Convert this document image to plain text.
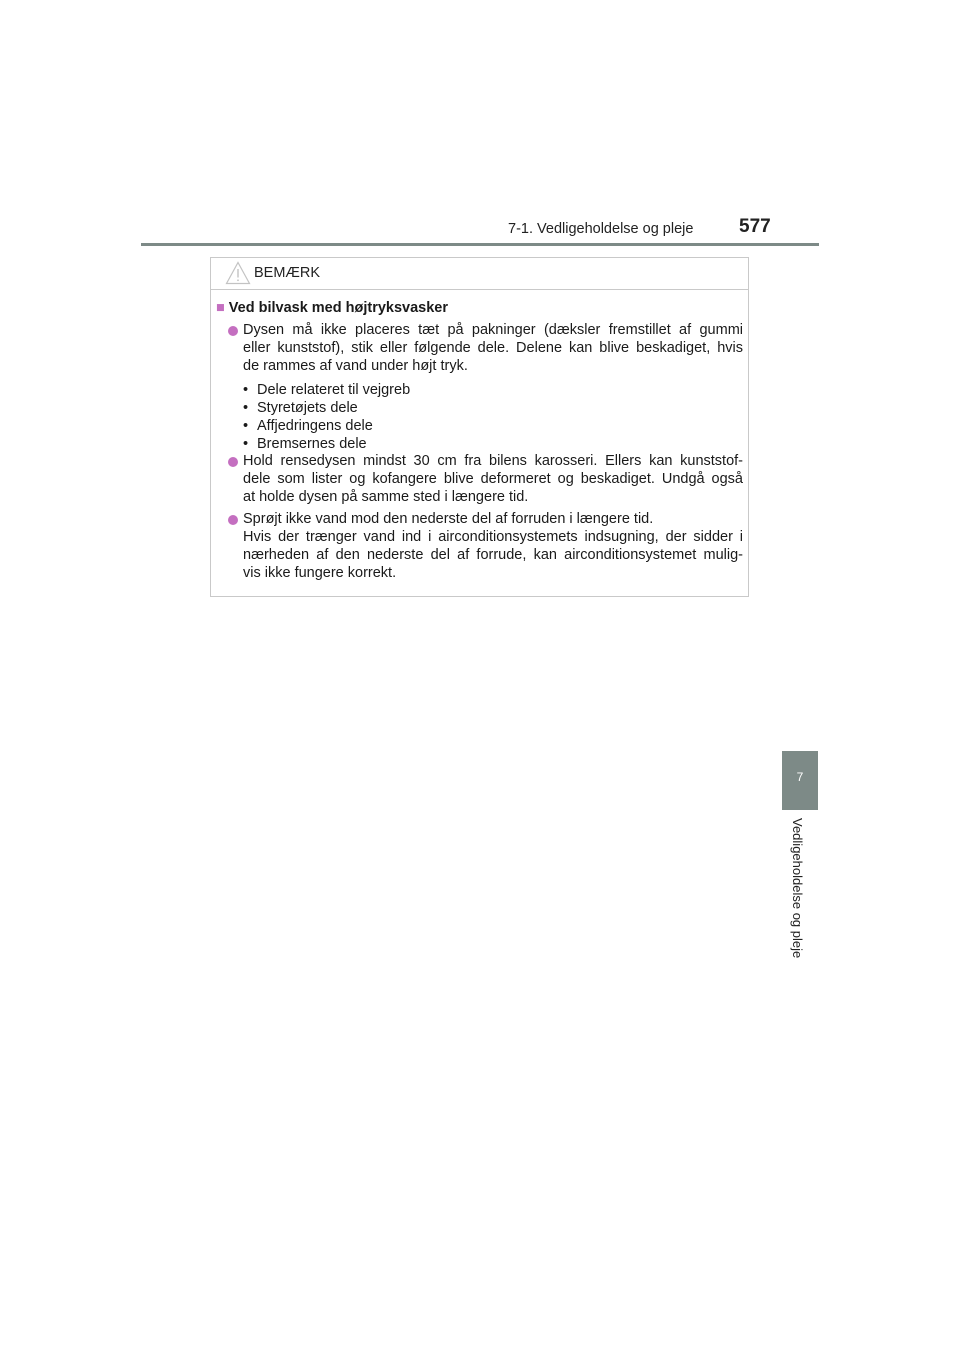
7-1. Vedligeholdelse og pleje 577
7
Vedligeholdelse og pleje
BEMÆRK
■ Ved bilvask med højtryksvasker
Dysen må ikke placeres tæt på pakninger (dæksler fremstillet af gummi
eller kunststof), stik eller følgende dele. Delene kan blive beskadiget, hvis
de rammes af vand under højt tryk.
• Dele relateret til vejgreb
• Styretøjets dele
• Affjedringens dele
• Bremsernes dele
Hold rensedysen mindst 30 cm fra bilens karosseri. Ellers kan kunststof-
dele som lister og kofangere blive deformeret og beskadiget. Undgå også
at holde dysen på samme sted i længere tid.
Sprøjt ikke vand mod den nederste del af forruden i længere tid.
Hvis der trænger vand ind i airconditionsystemets indsugning, der sidder i
nærheden af den nederste del af forrude, kan airconditionsystemet mulig-
vis ikke fungere korrekt.
